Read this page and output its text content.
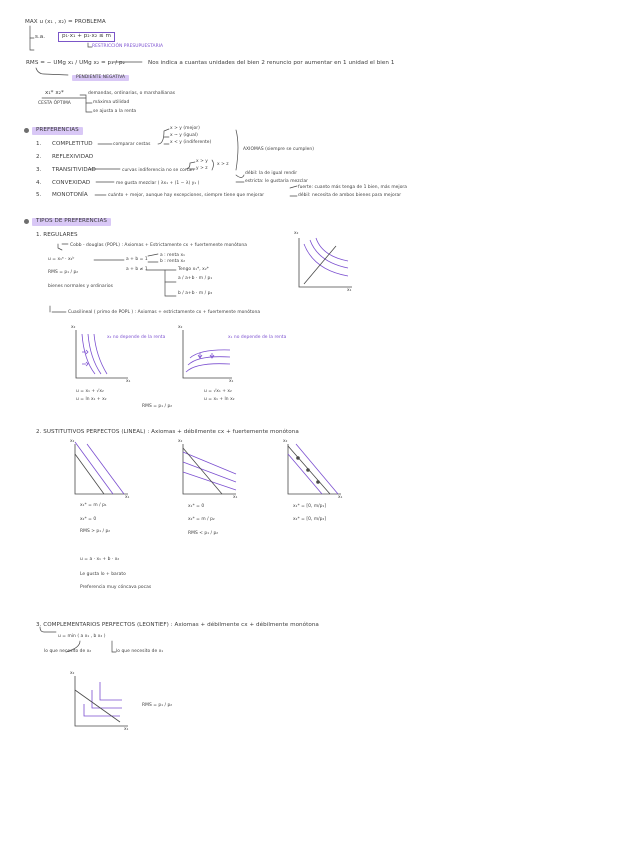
MAX u (x₁ , x₂) = PROBLEMA
s.a.	p₁·x₁ + p₂·x₂ ≤ m
RESTRICCIÓN PRESUPUESTARIA
RMS = − UMg x₁ / UMg x₂ = p₁ / p₂	Nos indica a cuantas unidades del bien 2 renuncio por aumentar en 1 unidad el bien 1
PENDIENTE NEGATIVA
x₁* x₂*	demandas, ordinarias, o marshallianas
CESTA ÓPTIMA	máxima utilidad
se ajusta a la renta
PREFERENCIAS
1. COMPLETITUD	comparar cestas
2. REFLEXIVIDAD
3. TRANSITIVIDAD	curvas indiferencia no se cortan
4. CONVEXIDAD	me gusta mezclar ( λx₁ + (1 − λ) y₁ )
5. MONOTONÍA	cuánto + mejor, aunque hay excepciones, siempre tiene que mejorar
x > y (mejor)
x ~ y (igual)
x < y (indiferente)
AXIOMAS (siempre se cumplen)
x > y
y > z
x > z
débil: la de igual rendir
estricta: le gustaría mezclar
fuerte: cuanto más tenga de 1 bien, más mejora
débil: necesita de ambos bienes para mejorar
TIPOS DE PREFERENCIAS
1. REGULARES
Cobb - douglas (POPL) : Axiomas + Estrictamente cx + fuertemente monótona
u = x₁ᵃ · x₂ᵇ	a + b = 1
a : renta x₁
b : renta x₂
a + b ≠ 1	Tengo x₁*, x₂*
RMS = p₁ / p₂
a / a+b · m / p₁
b / a+b · m / p₂
bienes normales y ordinarios
Cuasilineal ( primo de POPL ) : Axiomas + estrictamente cx + fuertemente monótona
x₂ no depende de la renta	x₁ no depende de la renta
u = x₁ + √x₂
u = ln x₁ + x₂
u = √x₁ + x₂
u = x₁ + ln x₂
RMS = p₁ / p₂
2. SUSTITUTIVOS PERFECTOS (LINEAL) : Axiomas + débilmente cx + fuertemente monótona
x₁* = m / p₁
x₂* = 0
RMS > p₁ / p₂
x₁* = 0
x₂* = m / p₂
RMS < p₁ / p₂
x₁* = [0, m/p₁]
x₂* = [0, m/p₂]
u = a · x₁ + b · x₂
Le gusta lo + barato
Preferencia muy cóncava pocas
3. COMPLEMENTARIOS PERFECTOS (LEONTIEF) : Axiomas + débilmente cx + débilmente monótona
u = min ( a x₁ , b x₂ )
lo que necesito de x₂	lo que necesito de x₁
RMS = p₁ / p₂
x₂
x₁
x₂
x₁
x₂
x₁
x₂
x₁
x₂
x₁
x₂
x₁
x₂
x₁
